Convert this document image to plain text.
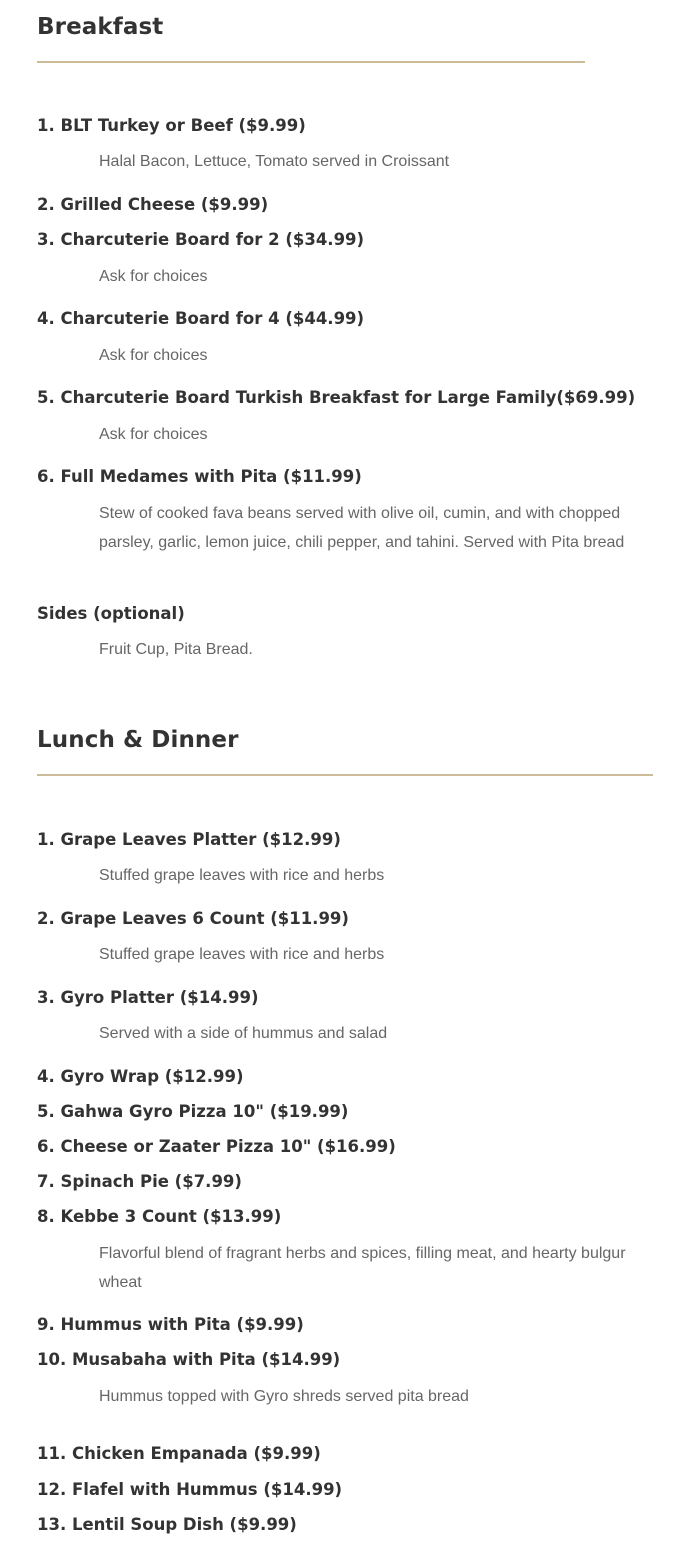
Breakfast
1. BLT Turkey or Beef ($9.99)
Halal Bacon, Lettuce, Tomato served in Croissant
2. Grilled Cheese ($9.99)
3. Charcuterie Board for 2 ($34.99)
Ask for choices
4. Charcuterie Board for 4 ($44.99)
Ask for choices
5. Charcuterie Board Turkish Breakfast for Large Family($69.99)
Ask for choices
6. Full Medames with Pita ($11.99)
Stew of cooked fava beans served with olive oil, cumin, and with chopped parsley, garlic, lemon juice, chili pepper, and tahini. Served with Pita bread
Sides (optional)
Fruit Cup, Pita Bread.
Lunch & Dinner
1. Grape Leaves Platter ($12.99)
Stuffed grape leaves with rice and herbs
2. Grape Leaves 6 Count ($11.99)
Stuffed grape leaves with rice and herbs
3. Gyro Platter ($14.99)
Served with a side of hummus and salad
4. Gyro Wrap ($12.99)
5. Gahwa Gyro Pizza 10" ($19.99)
6. Cheese or Zaater Pizza 10" ($16.99)
7. Spinach Pie ($7.99)
8. Kebbe 3 Count ($13.99)
Flavorful blend of fragrant herbs and spices, filling meat, and hearty bulgur wheat
9. Hummus with Pita ($9.99)
10. Musabaha with Pita ($14.99)
Hummus topped with Gyro shreds served pita bread
11. Chicken Empanada ($9.99)
12. Flafel with Hummus ($14.99)
13. Lentil Soup Dish ($9.99)
